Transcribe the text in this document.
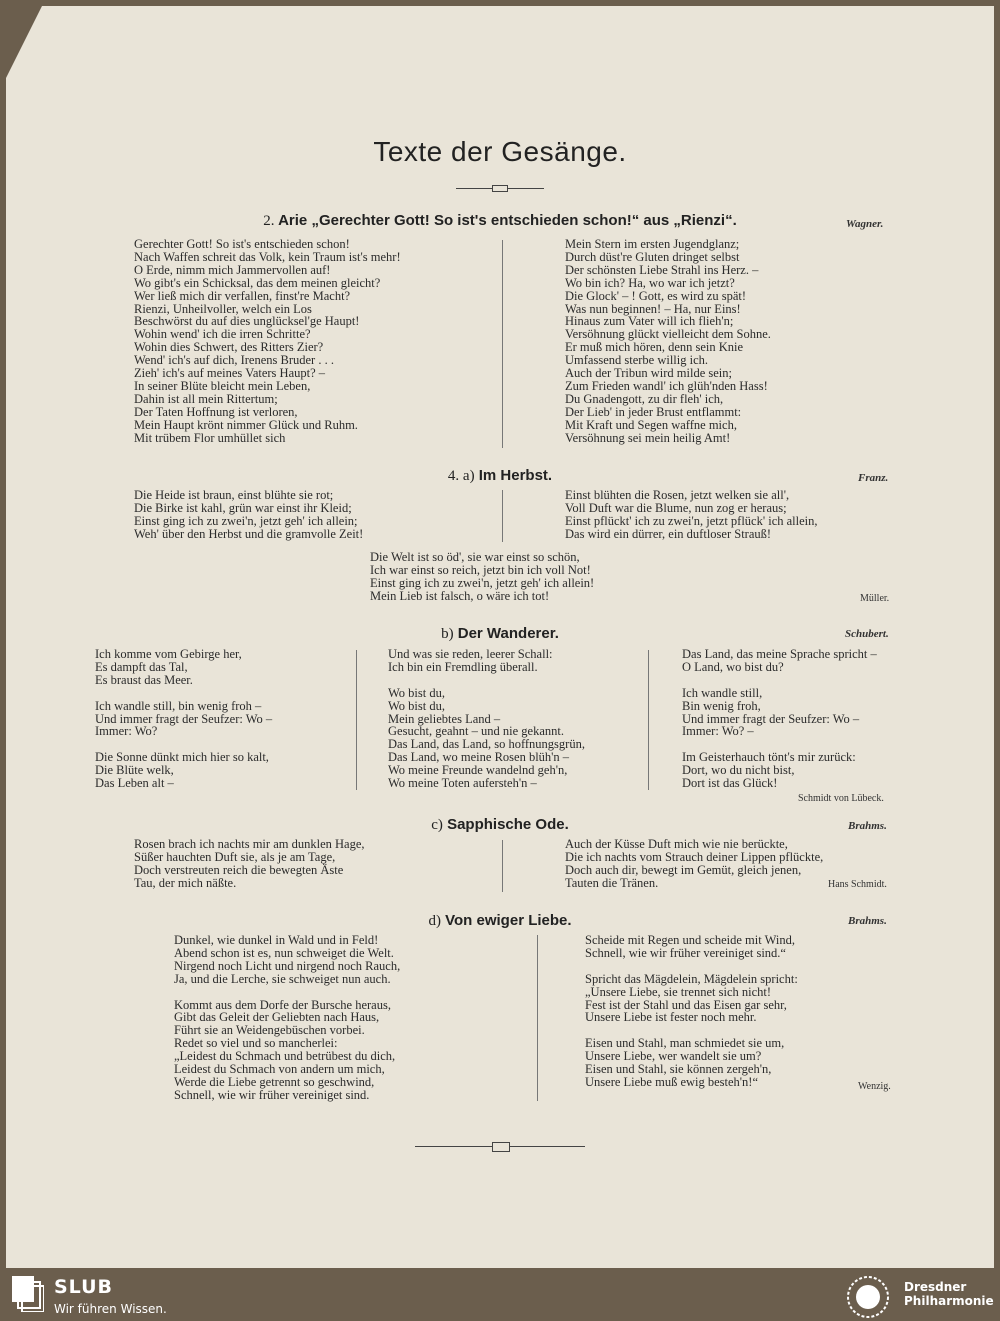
Texte der Gesänge.
2. Arie „Gerechter Gott! So ist's entschieden schon!“ aus „Rienzi“.	Wagner.
Gerechter Gott! So ist's entschieden schon!
Nach Waffen schreit das Volk, kein Traum ist's mehr!
O Erde, nimm mich Jammervollen auf!
Wo gibt's ein Schicksal, das dem meinen gleicht?
Wer ließ mich dir verfallen, finst're Macht?
Rienzi, Unheilvoller, welch ein Los
Beschwörst du auf dies unglücksel'ge Haupt!
Wohin wend' ich die irren Schritte?
Wohin dies Schwert, des Ritters Zier?
Wend' ich's auf dich, Irenens Bruder . . .
Zieh' ich's auf meines Vaters Haupt? –
In seiner Blüte bleicht mein Leben,
Dahin ist all mein Rittertum;
Der Taten Hoffnung ist verloren,
Mein Haupt krönt nimmer Glück und Ruhm.
Mit trübem Flor umhüllet sich
Mein Stern im ersten Jugendglanz;
Durch düst're Gluten dringet selbst
Der schönsten Liebe Strahl ins Herz. –
Wo bin ich? Ha, wo war ich jetzt?
Die Glock' – ! Gott, es wird zu spät!
Was nun beginnen! – Ha, nur Eins!
Hinaus zum Vater will ich flieh'n;
Versöhnung glückt vielleicht dem Sohne.
Er muß mich hören, denn sein Knie
Umfassend sterbe willig ich.
Auch der Tribun wird milde sein;
Zum Frieden wandl' ich glüh'nden Hass!
Du Gnadengott, zu dir fleh' ich,
Der Lieb' in jeder Brust entflammt:
Mit Kraft und Segen waffne mich,
Versöhnung sei mein heilig Amt!
4. a) Im Herbst.	Franz.
Die Heide ist braun, einst blühte sie rot;
Die Birke ist kahl, grün war einst ihr Kleid;
Einst ging ich zu zwei'n, jetzt geh' ich allein;
Weh' über den Herbst und die gramvolle Zeit!
Einst blühten die Rosen, jetzt welken sie all',
Voll Duft war die Blume, nun zog er heraus;
Einst pflückt' ich zu zwei'n, jetzt pflück' ich allein,
Das wird ein dürrer, ein duftloser Strauß!
Die Welt ist so öd', sie war einst so schön,
Ich war einst so reich, jetzt bin ich voll Not!
Einst ging ich zu zwei'n, jetzt geh' ich allein!
Mein Lieb ist falsch, o wäre ich tot!	Müller.
b) Der Wanderer.	Schubert.
Ich komme vom Gebirge her,
Es dampft das Tal,
Es braust das Meer.
Ich wandle still, bin wenig froh –
Und immer fragt der Seufzer: Wo –
Immer: Wo?
Die Sonne dünkt mich hier so kalt,
Die Blüte welk,
Das Leben alt –
Und was sie reden, leerer Schall:
Ich bin ein Fremdling überall.
Wo bist du,
Wo bist du,
Mein geliebtes Land –
Gesucht, geahnt – und nie gekannt.
Das Land, das Land, so hoffnungsgrün,
Das Land, wo meine Rosen blüh'n –
Wo meine Freunde wandelnd geh'n,
Wo meine Toten aufersteh'n –
Das Land, das meine Sprache spricht –
O Land, wo bist du?
Ich wandle still,
Bin wenig froh,
Und immer fragt der Seufzer: Wo –
Immer: Wo? –
Im Geisterhauch tönt's mir zurück:
Dort, wo du nicht bist,
Dort ist das Glück!
Schmidt von Lübeck.
c) Sapphische Ode.	Brahms.
Rosen brach ich nachts mir am dunklen Hage,
Süßer hauchten Duft sie, als je am Tage,
Doch verstreuten reich die bewegten Äste
Tau, der mich näßte.
Auch der Küsse Duft mich wie nie berückte,
Die ich nachts vom Strauch deiner Lippen pflückte,
Doch auch dir, bewegt im Gemüt, gleich jenen,
Tauten die Tränen.	Hans Schmidt.
d) Von ewiger Liebe.	Brahms.
Dunkel, wie dunkel in Wald und in Feld!
Abend schon ist es, nun schweiget die Welt.
Nirgend noch Licht und nirgend noch Rauch,
Ja, und die Lerche, sie schweiget nun auch.
Kommt aus dem Dorfe der Bursche heraus,
Gibt das Geleit der Geliebten nach Haus,
Führt sie an Weidengebüschen vorbei.
Redet so viel und so mancherlei:
„Leidest du Schmach und betrübest du dich,
Leidest du Schmach von andern um mich,
Werde die Liebe getrennt so geschwind,
Schnell, wie wir früher vereiniget sind.
Scheide mit Regen und scheide mit Wind,
Schnell, wie wir früher vereiniget sind.“
Spricht das Mägdelein, Mägdelein spricht:
„Unsere Liebe, sie trennet sich nicht!
Fest ist der Stahl und das Eisen gar sehr,
Unsere Liebe ist fester noch mehr.
Eisen und Stahl, man schmiedet sie um,
Unsere Liebe, wer wandelt sie um?
Eisen und Stahl, sie können zergeh'n,
Unsere Liebe muß ewig besteh'n!“	Wenzig.
SLUB
Wir führen Wissen.
Dresdner
Philharmonie
